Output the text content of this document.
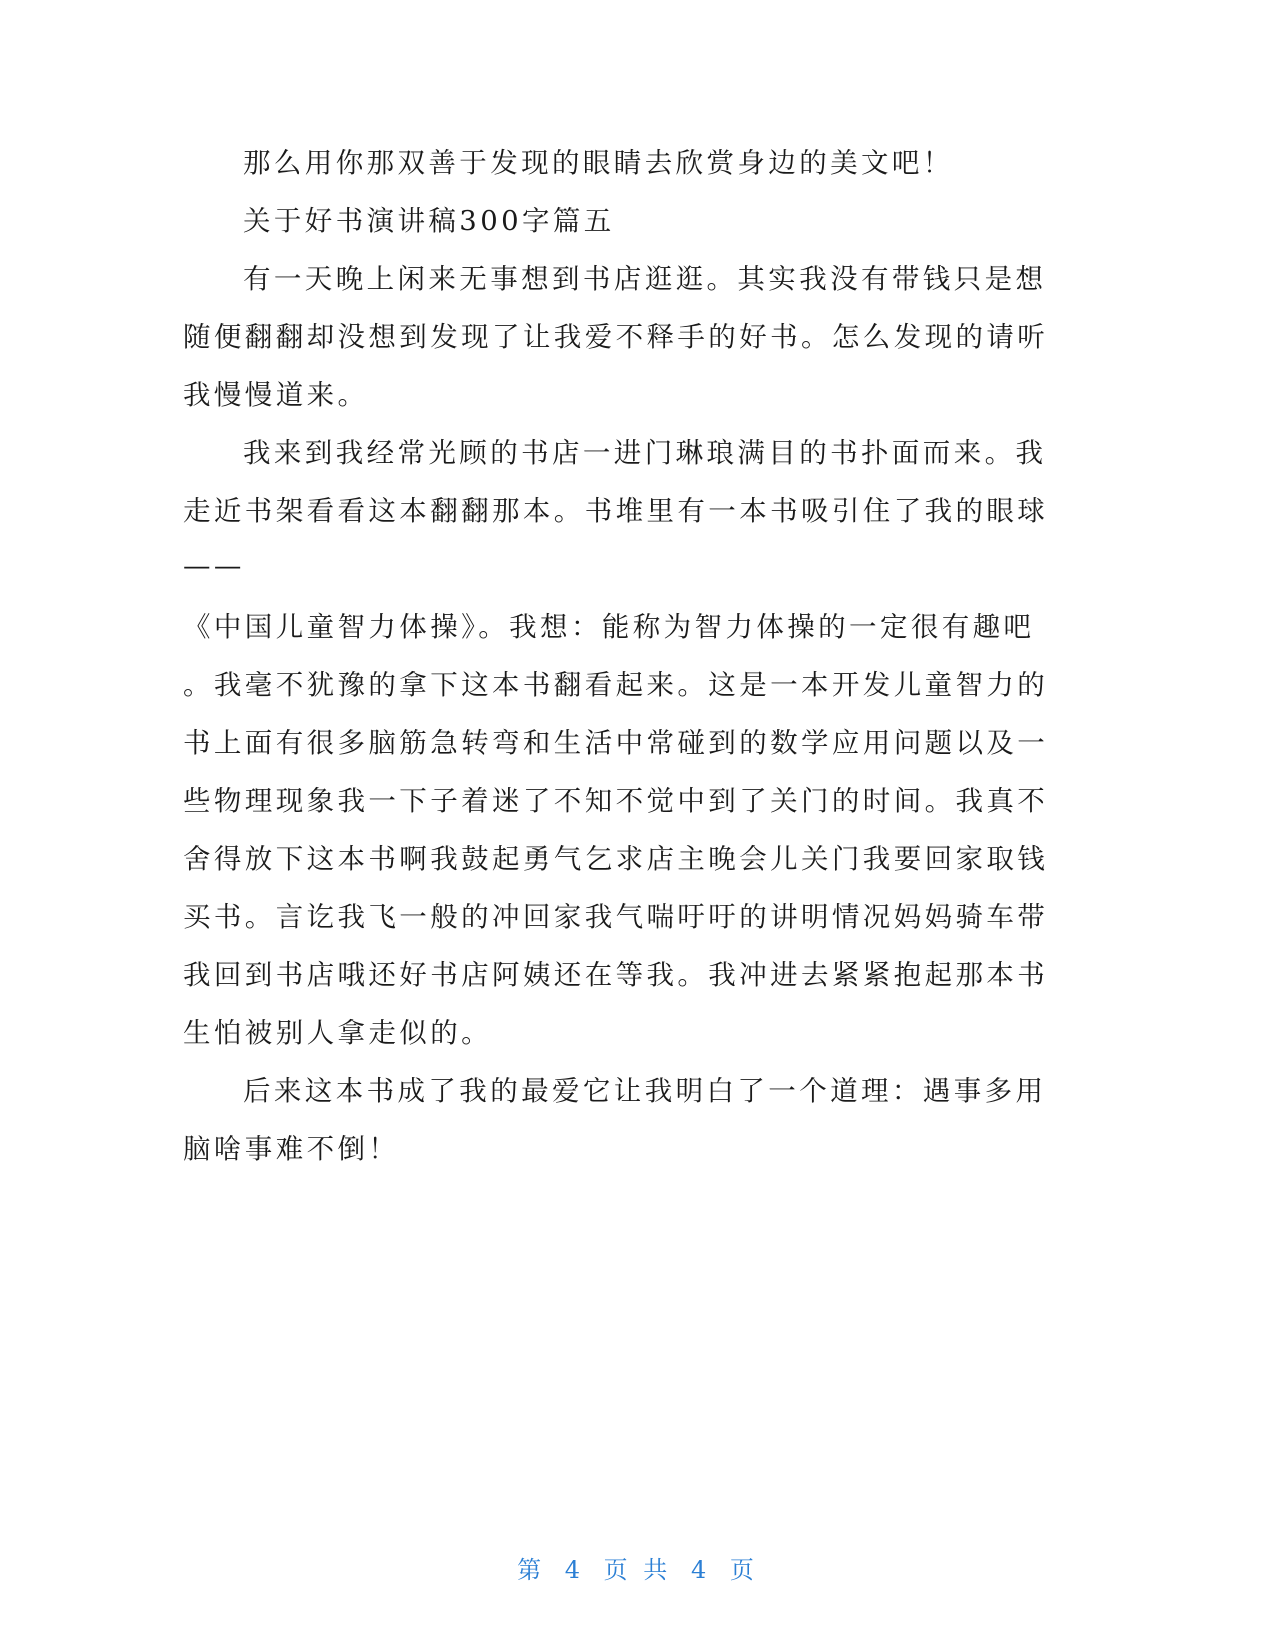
那么用你那双善于发现的眼睛去欣赏身边的美文吧！
关于好书演讲稿300字篇五
有一天晚上闲来无事想到书店逛逛。其实我没有带钱只是想
随便翻翻却没想到发现了让我爱不释手的好书。怎么发现的请听
我慢慢道来。
我来到我经常光顾的书店一进门琳琅满目的书扑面而来。我
走近书架看看这本翻翻那本。书堆里有一本书吸引住了我的眼球
——
《中国儿童智力体操》。我想：能称为智力体操的一定很有趣吧
。我毫不犹豫的拿下这本书翻看起来。这是一本开发儿童智力的
书上面有很多脑筋急转弯和生活中常碰到的数学应用问题以及一
些物理现象我一下子着迷了不知不觉中到了关门的时间。我真不
舍得放下这本书啊我鼓起勇气乞求店主晚会儿关门我要回家取钱
买书。言讫我飞一般的冲回家我气喘吁吁的讲明情况妈妈骑车带
我回到书店哦还好书店阿姨还在等我。我冲进去紧紧抱起那本书
生怕被别人拿走似的。
后来这本书成了我的最爱它让我明白了一个道理：遇事多用
脑啥事难不倒！
第 4 页 共 4 页
